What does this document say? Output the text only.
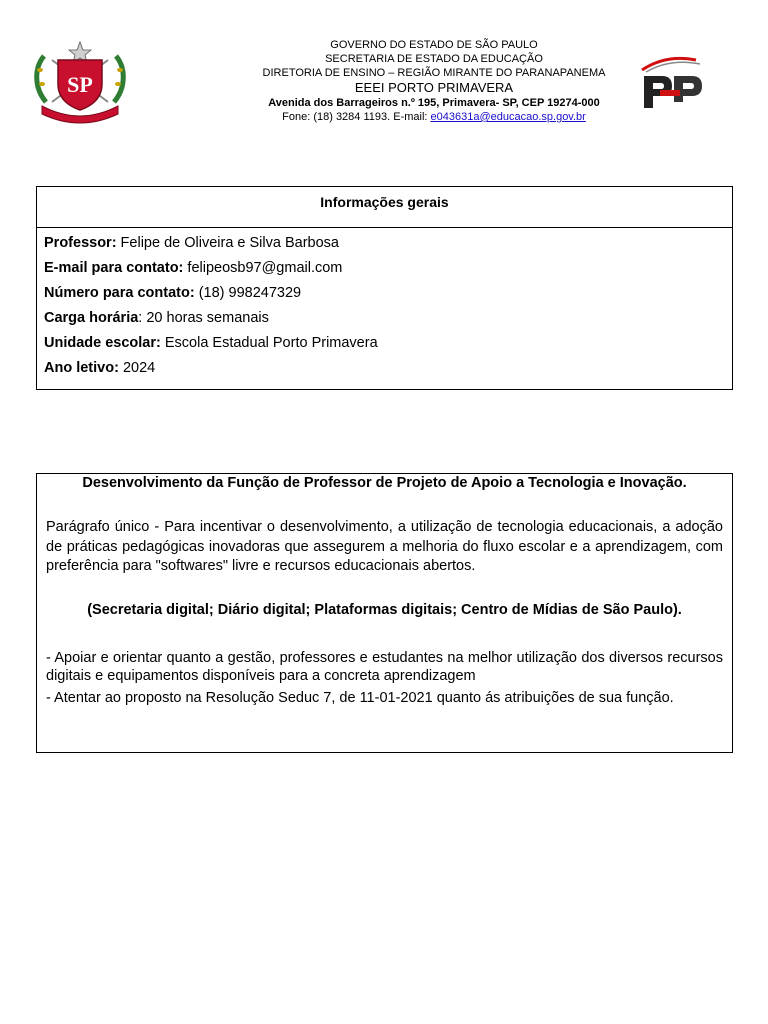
SP
GOVERNO DO ESTADO DE SÃO PAULO
SECRETARIA DE ESTADO DA EDUCAÇÃO
DIRETORIA DE ENSINO – REGIÃO MIRANTE DO PARANAPANEMA
EEEI PORTO PRIMAVERA
Avenida dos Barrageiros n.º 195, Primavera- SP, CEP 19274-000
Fone: (18) 3284 1193. E-mail: e043631a@educacao.sp.gov.br
Informações gerais
Professor: Felipe de Oliveira e Silva Barbosa
E-mail para contato: felipeosb97@gmail.com
Número para contato: (18) 998247329
Carga horária: 20 horas semanais
Unidade escolar: Escola Estadual Porto Primavera
Ano letivo: 2024
Desenvolvimento da Função de Professor de Projeto de Apoio a Tecnologia e Inovação.
Parágrafo único - Para incentivar o desenvolvimento, a utilização de tecnologia educacionais, a adoção de práticas pedagógicas inovadoras que assegurem a melhoria do fluxo escolar e a aprendizagem, com preferência para "softwares" livre e recursos educacionais abertos.
(Secretaria digital; Diário digital; Plataformas digitais; Centro de Mídias de São Paulo).
- Apoiar e orientar quanto a gestão, professores e estudantes na melhor utilização dos diversos recursos digitais e equipamentos disponíveis para a concreta aprendizagem
- Atentar ao proposto na Resolução Seduc 7, de 11-01-2021 quanto ás atribuições de sua função.
